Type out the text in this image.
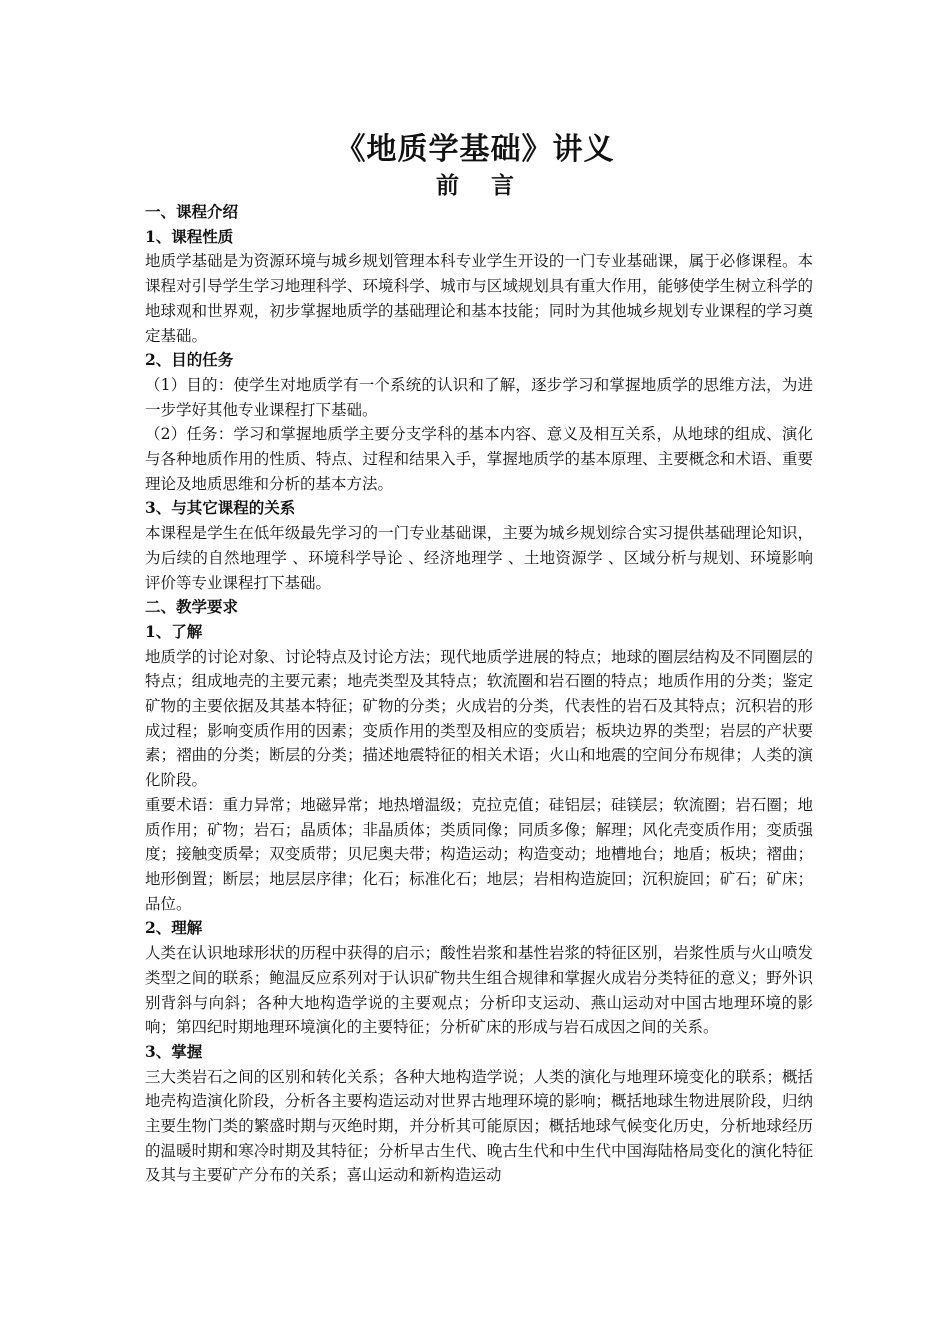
《地质学基础》讲义
前言

一、课程介绍

1、课程性质

地质学基础是为资源环境与城乡规划管理本科专业学生开设的一门专业基础课，属于必修课程。本课程对引导学生学习地理科学、环境科学、城市与区域规划具有重大作用，能够使学生树立科学的地球观和世界观，初步掌握地质学的基础理论和基本技能；同时为其他城乡规划专业课程的学习奠定基础。

2、目的任务

（1）目的：使学生对地质学有一个系统的认识和了解，逐步学习和掌握地质学的思维方法，为进一步学好其他专业课程打下基础。

（2）任务：学习和掌握地质学主要分支学科的基本内容、意义及相互关系，从地球的组成、演化与各种地质作用的性质、特点、过程和结果入手，掌握地质学的基本原理、主要概念和术语、重要理论及地质思维和分析的基本方法。

3、与其它课程的关系

本课程是学生在低年级最先学习的一门专业基础课，主要为城乡规划综合实习提供基础理论知识，为后续的自然地理学 、环境科学导论 、经济地理学 、土地资源学 、区域分析与规划、环境影响评价等专业课程打下基础。

二、教学要求

1、了解

地质学的讨论对象、讨论特点及讨论方法；现代地质学进展的特点；地球的圈层结构及不同圈层的特点；组成地壳的主要元素；地壳类型及其特点；软流圈和岩石圈的特点；地质作用的分类；鉴定矿物的主要依据及其基本特征；矿物的分类；火成岩的分类，代表性的岩石及其特点；沉积岩的形成过程；影响变质作用的因素；变质作用的类型及相应的变质岩；板块边界的类型；岩层的产状要素；褶曲的分类；断层的分类；描述地震特征的相关术语；火山和地震的空间分布规律；人类的演化阶段。

重要术语：重力异常；地磁异常；地热增温级；克拉克值；硅铝层；硅镁层；软流圈；岩石圈；地质作用；矿物；岩石；晶质体；非晶质体；类质同像；同质多像；解理；风化壳变质作用；变质强度；接触变质晕；双变质带；贝尼奥夫带；构造运动；构造变动；地槽地台；地盾；板块；褶曲；地形倒置；断层；地层层序律；化石；标准化石；地层；岩相构造旋回；沉积旋回；矿石；矿床；品位。

2、理解

人类在认识地球形状的历程中获得的启示；酸性岩浆和基性岩浆的特征区别，岩浆性质与火山喷发类型之间的联系；鲍温反应系列对于认识矿物共生组合规律和掌握火成岩分类特征的意义；野外识别背斜与向斜；各种大地构造学说的主要观点；分析印支运动、燕山运动对中国古地理环境的影响；第四纪时期地理环境演化的主要特征；分析矿床的形成与岩石成因之间的关系。

3、掌握

三大类岩石之间的区别和转化关系；各种大地构造学说；人类的演化与地理环境变化的联系；概括地壳构造演化阶段，分析各主要构造运动对世界古地理环境的影响；概括地球生物进展阶段，归纳主要生物门类的繁盛时期与灭绝时期，并分析其可能原因；概括地球气候变化历史，分析地球经历的温暖时期和寒冷时期及其特征；分析早古生代、晚古生代和中生代中国海陆格局变化的演化特征及其与主要矿产分布的关系；喜山运动和新构造运动
